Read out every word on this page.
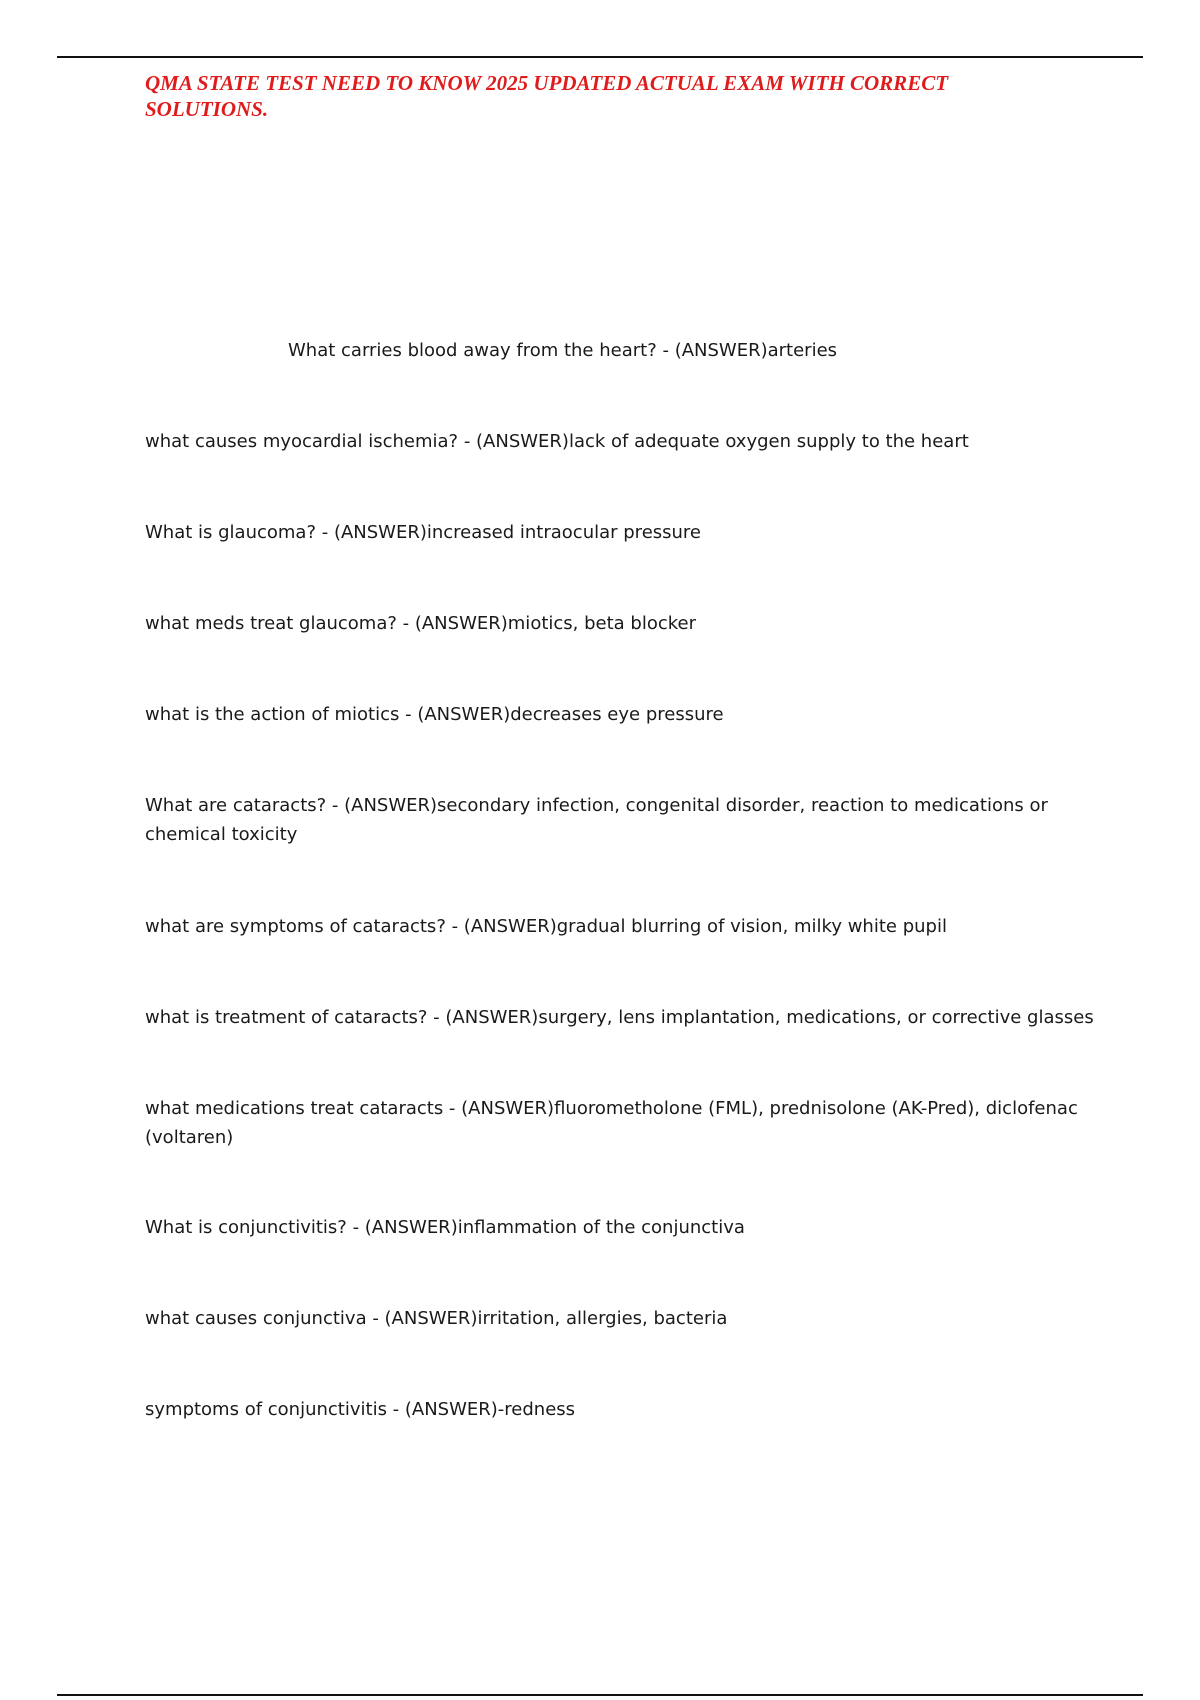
QMA STATE TEST NEED TO KNOW 2025 UPDATED ACTUAL EXAM WITH CORRECT SOLUTIONS.

What carries blood away from the heart? - (ANSWER)arteries

what causes myocardial ischemia? - (ANSWER)lack of adequate oxygen supply to the heart

What is glaucoma? - (ANSWER)increased intraocular pressure

what meds treat glaucoma? - (ANSWER)miotics, beta blocker

what is the action of miotics - (ANSWER)decreases eye pressure

What are cataracts? - (ANSWER)secondary infection, congenital disorder, reaction to medications or chemical toxicity

what are symptoms of cataracts? - (ANSWER)gradual blurring of vision, milky white pupil

what is treatment of cataracts? - (ANSWER)surgery, lens implantation, medications, or corrective glasses

what medications treat cataracts - (ANSWER)fluorometholone (FML), prednisolone (AK-Pred), diclofenac (voltaren)

What is conjunctivitis? - (ANSWER)inflammation of the conjunctiva

what causes conjunctiva - (ANSWER)irritation, allergies, bacteria

symptoms of conjunctivitis - (ANSWER)-redness
